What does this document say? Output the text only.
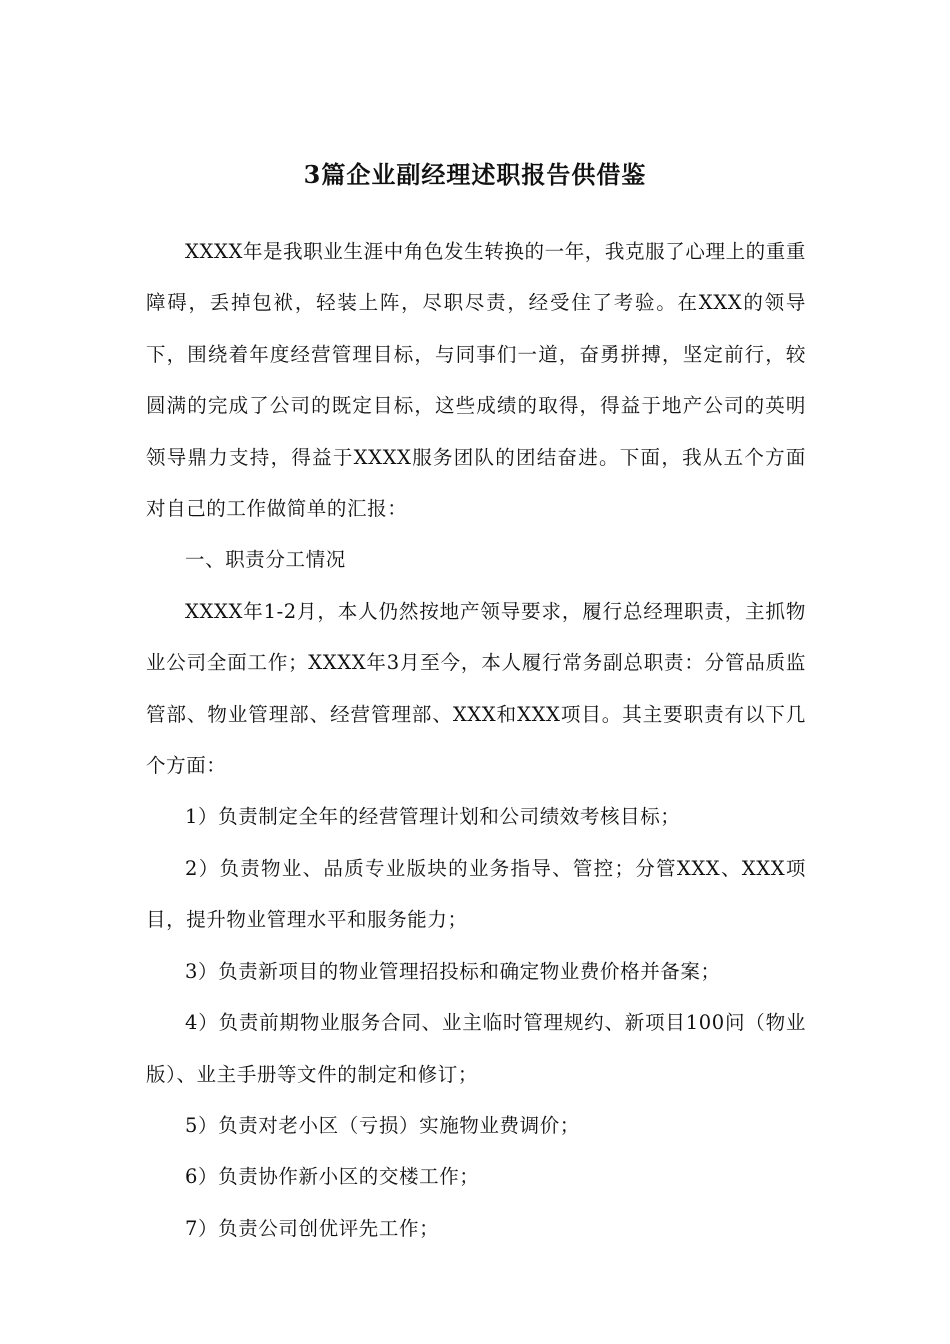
3篇企业副经理述职报告供借鉴

XXXX年是我职业生涯中角色发生转换的一年，我克服了心理上的重重障碍，丢掉包袱，轻装上阵，尽职尽责，经受住了考验。在XXX的领导下，围绕着年度经营管理目标，与同事们一道，奋勇拼搏，坚定前行，较圆满的完成了公司的既定目标，这些成绩的取得，得益于地产公司的英明领导鼎力支持，得益于XXXX服务团队的团结奋进。下面，我从五个方面对自己的工作做简单的汇报：

一、职责分工情况

XXXX年1-2月，本人仍然按地产领导要求，履行总经理职责，主抓物业公司全面工作；XXXX年3月至今，本人履行常务副总职责：分管品质监管部、物业管理部、经营管理部、XXX和XXX项目。其主要职责有以下几个方面：

1）负责制定全年的经营管理计划和公司绩效考核目标；

2）负责物业、品质专业版块的业务指导、管控；分管XXX、XXX项目，提升物业管理水平和服务能力；

3）负责新项目的物业管理招投标和确定物业费价格并备案；

4）负责前期物业服务合同、业主临时管理规约、新项目100问（物业版）、业主手册等文件的制定和修订；

5）负责对老小区（亏损）实施物业费调价；

6）负责协作新小区的交楼工作；

7）负责公司创优评先工作；
